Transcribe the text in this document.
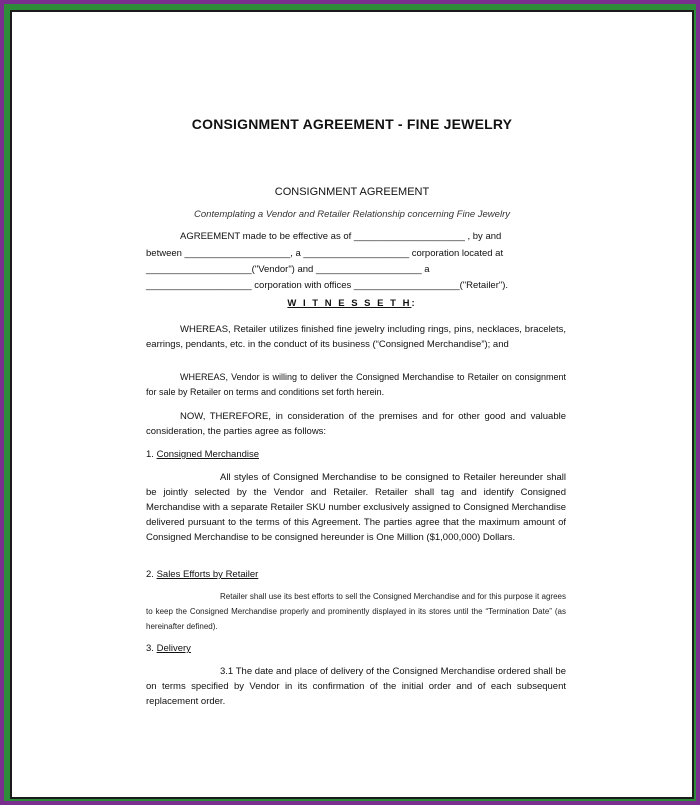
CONSIGNMENT AGREEMENT - FINE JEWELRY
CONSIGNMENT AGREEMENT
Contemplating a Vendor and Retailer Relationship concerning Fine Jewelry
AGREEMENT made to be effective as of _____________________ , by and
between ____________________, a ____________________ corporation located at
____________________("Vendor") and ____________________ a
____________________ corporation with offices ____________________("Retailer").
W I T N E S S E T H:
WHEREAS, Retailer utilizes finished fine jewelry including rings, pins, necklaces, bracelets, earrings, pendants, etc. in the conduct of its business (“Consigned Merchandise”); and
WHEREAS, Vendor is willing to deliver the Consigned Merchandise to Retailer on consignment for sale by Retailer on terms and conditions set forth herein.
NOW, THEREFORE, in consideration of the premises and for other good and valuable consideration, the parties agree as follows:
1. Consigned Merchandise
All styles of Consigned Merchandise to be consigned to Retailer hereunder shall be jointly selected by the Vendor and Retailer. Retailer shall tag and identify Consigned Merchandise with a separate Retailer SKU number exclusively assigned to Consigned Merchandise delivered pursuant to the terms of this Agreement. The parties agree that the maximum amount of Consigned Merchandise to be consigned hereunder is One Million ($1,000,000) Dollars.
2. Sales Efforts by Retailer
Retailer shall use its best efforts to sell the Consigned Merchandise and for this purpose it agrees to keep the Consigned Merchandise properly and prominently displayed in its stores until the “Termination Date” (as hereinafter defined).
3. Delivery
3.1 The date and place of delivery of the Consigned Merchandise ordered shall be on terms specified by Vendor in its confirmation of the initial order and of each subsequent replacement order.
